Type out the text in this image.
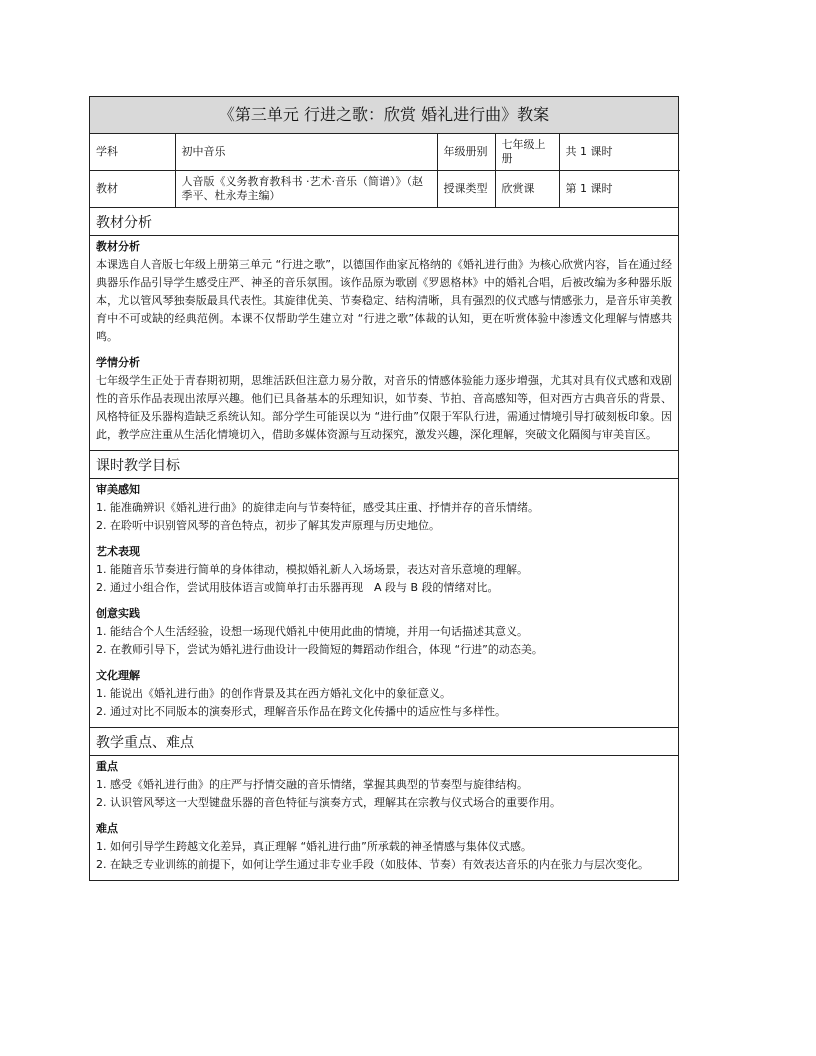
《第三单元 行进之歌：欣赏 婚礼进行曲》教案
学科	初中音乐	年级册别	七年级上册	共 1 课时
教材	人音版《义务教育教科书 ·艺术·音乐（简谱）》（赵季平、杜永寿主编）	授课类型	欣赏课	第 1 课时
教材分析
教材分析
本课选自人音版七年级上册第三单元 “行进之歌”，以德国作曲家瓦格纳的《婚礼进行曲》为核心欣赏内容，旨在通过经典器乐作品引导学生感受庄严、神圣的音乐氛围。该作品原为歌剧《罗恩格林》中的婚礼合唱，后被改编为多种器乐版本，尤以管风琴独奏版最具代表性。其旋律优美、节奏稳定、结构清晰，具有强烈的仪式感与情感张力，是音乐审美教育中不可或缺的经典范例。本课不仅帮助学生建立对 “行进之歌”体裁的认知，更在听赏体验中渗透文化理解与情感共鸣。
学情分析
七年级学生正处于青春期初期，思维活跃但注意力易分散，对音乐的情感体验能力逐步增强，尤其对具有仪式感和戏剧性的音乐作品表现出浓厚兴趣。他们已具备基本的乐理知识，如节奏、节拍、音高感知等，但对西方古典音乐的背景、风格特征及乐器构造缺乏系统认知。部分学生可能误以为 “进行曲”仅限于军队行进，需通过情境引导打破刻板印象。因此，教学应注重从生活化情境切入，借助多媒体资源与互动探究，激发兴趣，深化理解，突破文化隔阂与审美盲区。
课时教学目标
审美感知
1. 能准确辨识《婚礼进行曲》的旋律走向与节奏特征，感受其庄重、抒情并存的音乐情绪。
2. 在聆听中识别管风琴的音色特点，初步了解其发声原理与历史地位。
艺术表现
1. 能随音乐节奏进行简单的身体律动，模拟婚礼新人入场场景，表达对音乐意境的理解。
2. 通过小组合作，尝试用肢体语言或简单打击乐器再现　A 段与 B 段的情绪对比。
创意实践
1. 能结合个人生活经验，设想一场现代婚礼中使用此曲的情境，并用一句话描述其意义。
2. 在教师引导下，尝试为婚礼进行曲设计一段简短的舞蹈动作组合，体现 “行进”的动态美。
文化理解
1. 能说出《婚礼进行曲》的创作背景及其在西方婚礼文化中的象征意义。
2. 通过对比不同版本的演奏形式，理解音乐作品在跨文化传播中的适应性与多样性。
教学重点、难点
重点
1. 感受《婚礼进行曲》的庄严与抒情交融的音乐情绪，掌握其典型的节奏型与旋律结构。
2. 认识管风琴这一大型键盘乐器的音色特征与演奏方式，理解其在宗教与仪式场合的重要作用。
难点
1. 如何引导学生跨越文化差异，真正理解 “婚礼进行曲”所承载的神圣情感与集体仪式感。
2. 在缺乏专业训练的前提下，如何让学生通过非专业手段（如肢体、节奏）有效表达音乐的内在张力与层次变化。
